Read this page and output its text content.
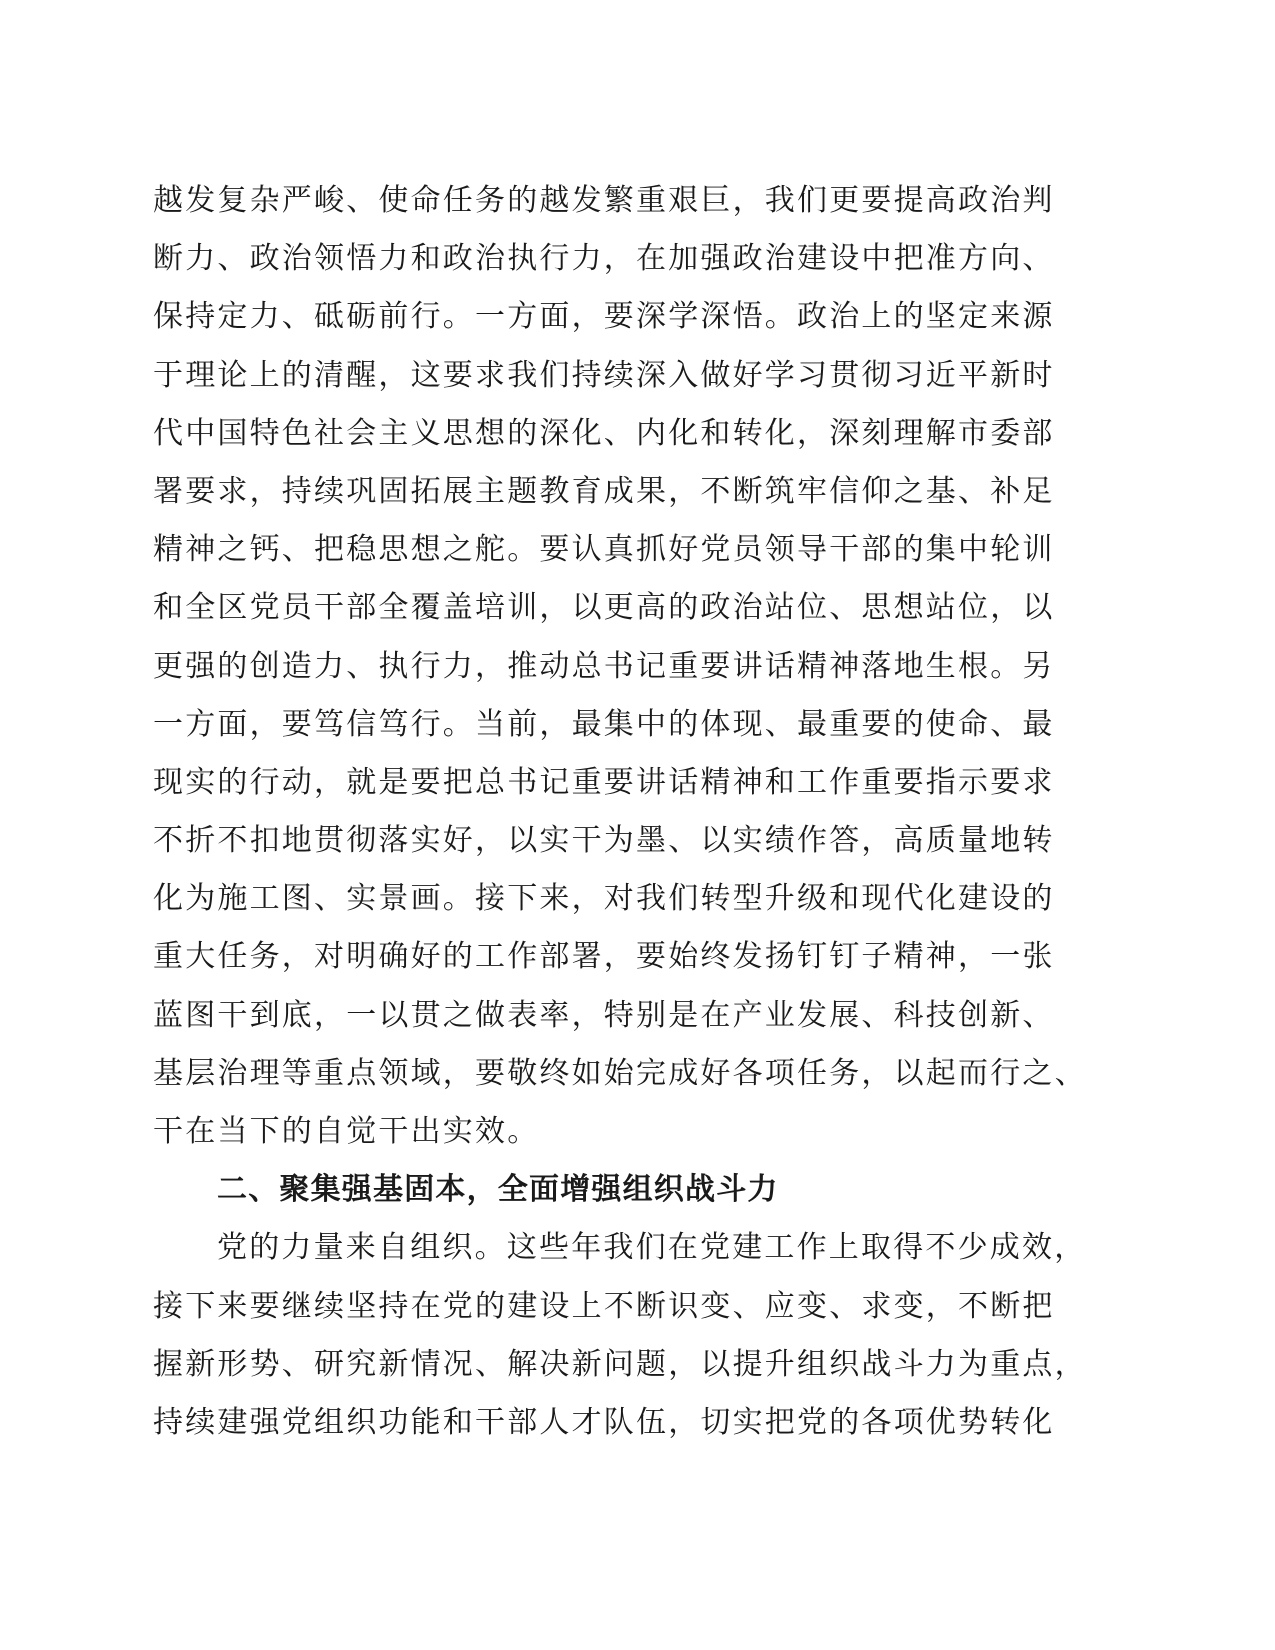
越发复杂严峻、使命任务的越发繁重艰巨，我们更要提高政治判
断力、政治领悟力和政治执行力，在加强政治建设中把准方向、
保持定力、砥砺前行。一方面，要深学深悟。政治上的坚定来源
于理论上的清醒，这要求我们持续深入做好学习贯彻习近平新时
代中国特色社会主义思想的深化、内化和转化，深刻理解市委部
署要求，持续巩固拓展主题教育成果，不断筑牢信仰之基、补足
精神之钙、把稳思想之舵。要认真抓好党员领导干部的集中轮训
和全区党员干部全覆盖培训，以更高的政治站位、思想站位，以
更强的创造力、执行力，推动总书记重要讲话精神落地生根。另
一方面，要笃信笃行。当前，最集中的体现、最重要的使命、最
现实的行动，就是要把总书记重要讲话精神和工作重要指示要求
不折不扣地贯彻落实好，以实干为墨、以实绩作答，高质量地转
化为施工图、实景画。接下来，对我们转型升级和现代化建设的
重大任务，对明确好的工作部署，要始终发扬钉钉子精神，一张
蓝图干到底，一以贯之做表率，特别是在产业发展、科技创新、
基层治理等重点领域，要敬终如始完成好各项任务，以起而行之、
干在当下的自觉干出实效。
二、聚集强基固本，全面增强组织战斗力
党的力量来自组织。这些年我们在党建工作上取得不少成效，
接下来要继续坚持在党的建设上不断识变、应变、求变，不断把
握新形势、研究新情况、解决新问题，以提升组织战斗力为重点，
持续建强党组织功能和干部人才队伍，切实把党的各项优势转化
